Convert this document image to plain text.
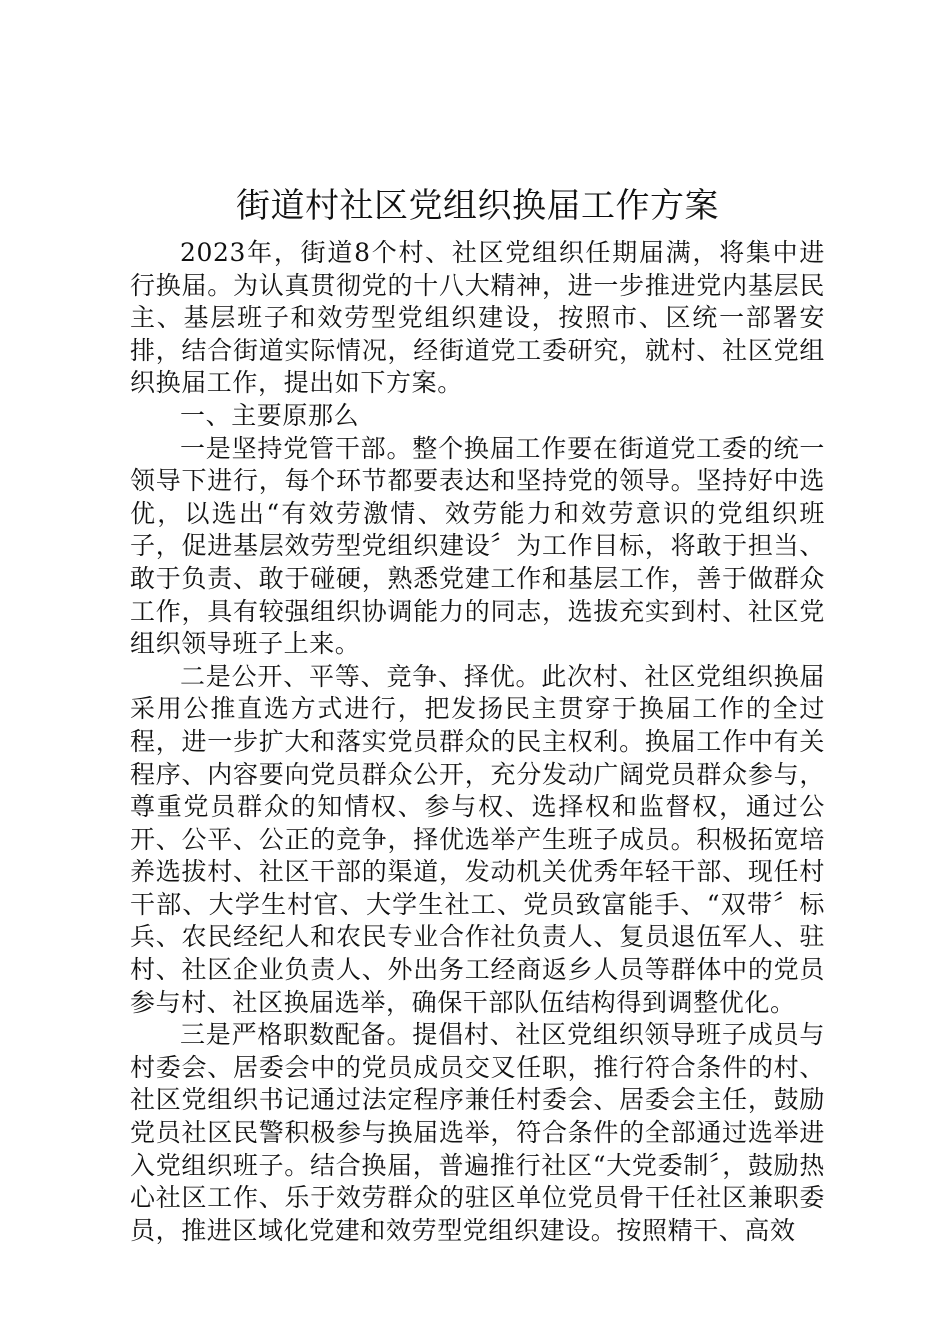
街道村社区党组织换届工作方案

2023年，街道8个村、社区党组织任期届满，将集中进行换届。为认真贯彻党的十八大精神，进一步推进党内基层民主、基层班子和效劳型党组织建设，按照市、区统一部署安排，结合街道实际情况，经街道党工委研究，就村、社区党组织换届工作，提出如下方案。

一、主要原那么

一是坚持党管干部。整个换届工作要在街道党工委的统一领导下进行，每个环节都要表达和坚持党的领导。坚持好中选优，以选出“有效劳激情、效劳能力和效劳意识的党组织班子，促进基层效劳型党组织建设〞为工作目标，将敢于担当、敢于负责、敢于碰硬，熟悉党建工作和基层工作，善于做群众工作，具有较强组织协调能力的同志，选拔充实到村、社区党组织领导班子上来。

二是公开、平等、竞争、择优。此次村、社区党组织换届采用公推直选方式进行，把发扬民主贯穿于换届工作的全过程，进一步扩大和落实党员群众的民主权利。换届工作中有关程序、内容要向党员群众公开，充分发动广阔党员群众参与，尊重党员群众的知情权、参与权、选择权和监督权，通过公开、公平、公正的竞争，择优选举产生班子成员。积极拓宽培养选拔村、社区干部的渠道，发动机关优秀年轻干部、现任村干部、大学生村官、大学生社工、党员致富能手、“双带〞标兵、农民经纪人和农民专业合作社负责人、复员退伍军人、驻村、社区企业负责人、外出务工经商返乡人员等群体中的党员参与村、社区换届选举，确保干部队伍结构得到调整优化。

三是严格职数配备。提倡村、社区党组织领导班子成员与村委会、居委会中的党员成员交叉任职，推行符合条件的村、社区党组织书记通过法定程序兼任村委会、居委会主任，鼓励党员社区民警积极参与换届选举，符合条件的全部通过选举进入党组织班子。结合换届，普遍推行社区“大党委制〞，鼓励热心社区工作、乐于效劳群众的驻区单位党员骨干任社区兼职委员，推进区域化党建和效劳型党组织建设。按照精干、高效
